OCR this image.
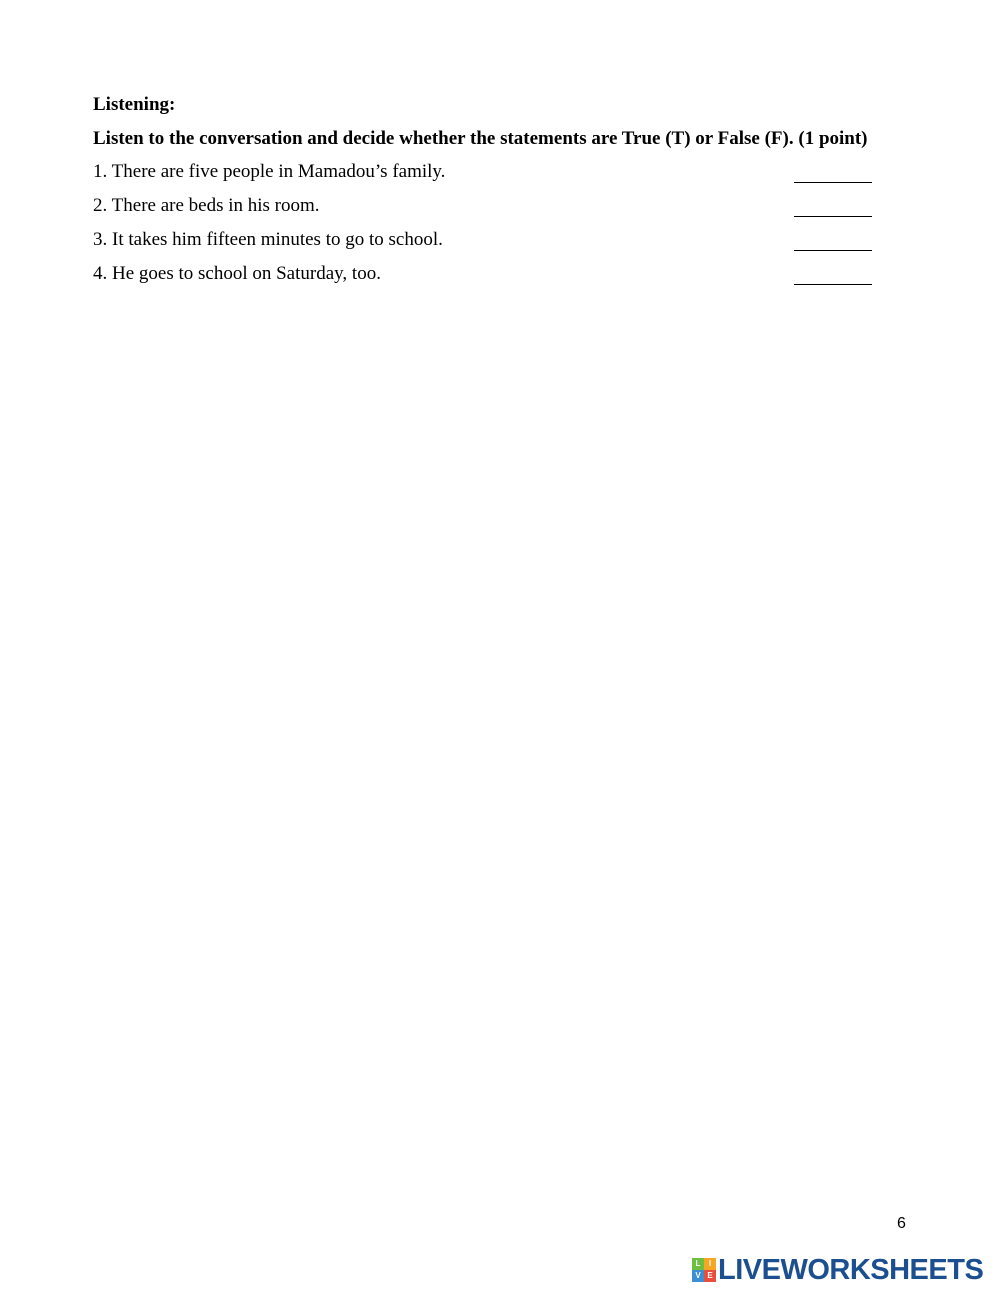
Listening:
Listen to the conversation and decide whether the statements are True (T) or False (F). (1 point)
1. There are five people in Mamadou’s family.
2. There are beds in his room.
3. It takes him fifteen minutes to go to school.
4. He goes to school on Saturday, too.
6
L	I
V E LIVEWORKSHEETS
